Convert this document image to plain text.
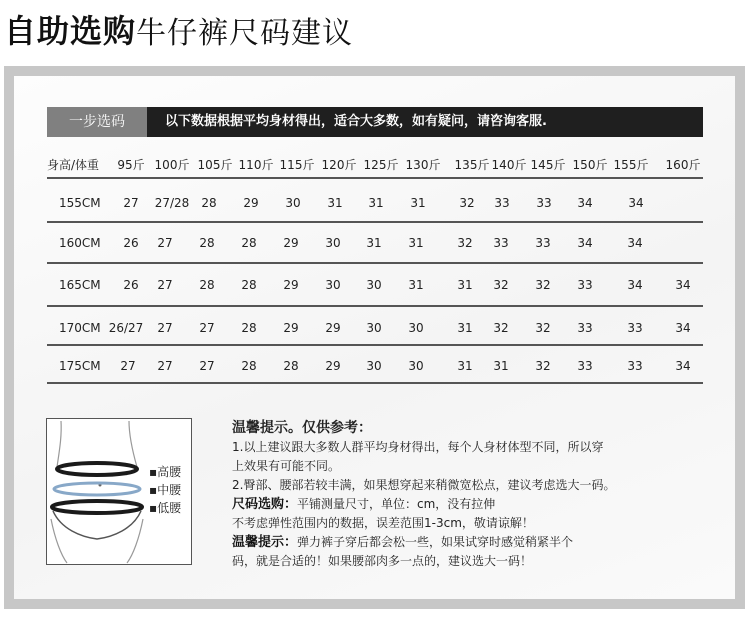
自助选购 牛仔裤尺码建议
一步选码	以下数据根据平均身材得出，适合大多数，如有疑问，请咨询客服.
身高/体重 95斤 100斤 105斤 110斤 115斤 120斤 125斤 130斤 135斤 140斤 145斤 150斤 155斤 160斤
155CM 27 27/28 28 29 30 31 31 31	32 33 33 34	34
160CM 26 27 28 28 29 30 31 31	32 33 33 34	34
165CM 26 27 28 28 29 30 30 31	31 32 32 33	34	34
170CM 26/27 27 27 28 29 29 30 30	31 32 32 33	33	34
175CM 27 27 27 28 28 29 30 30	31 31 32 33	33	34
▪高腰
▪中腰
▪低腰
温馨提示。仅供参考：
1.以上建议跟大多数人群平均身材得出，每个人身材体型不同，所以穿
上效果有可能不同。
2.臀部、腰部若较丰满，如果想穿起来稍微宽松点，建议考虑选大一码。
尺码选购：平铺测量尺寸，单位：cm，没有拉伸
不考虑弹性范围内的数据，误差范围1-3cm，敬请谅解！
温馨提示：弹力裤子穿后都会松一些，如果试穿时感觉稍紧半个
码，就是合适的！如果腰部肉多一点的，建议选大一码！
